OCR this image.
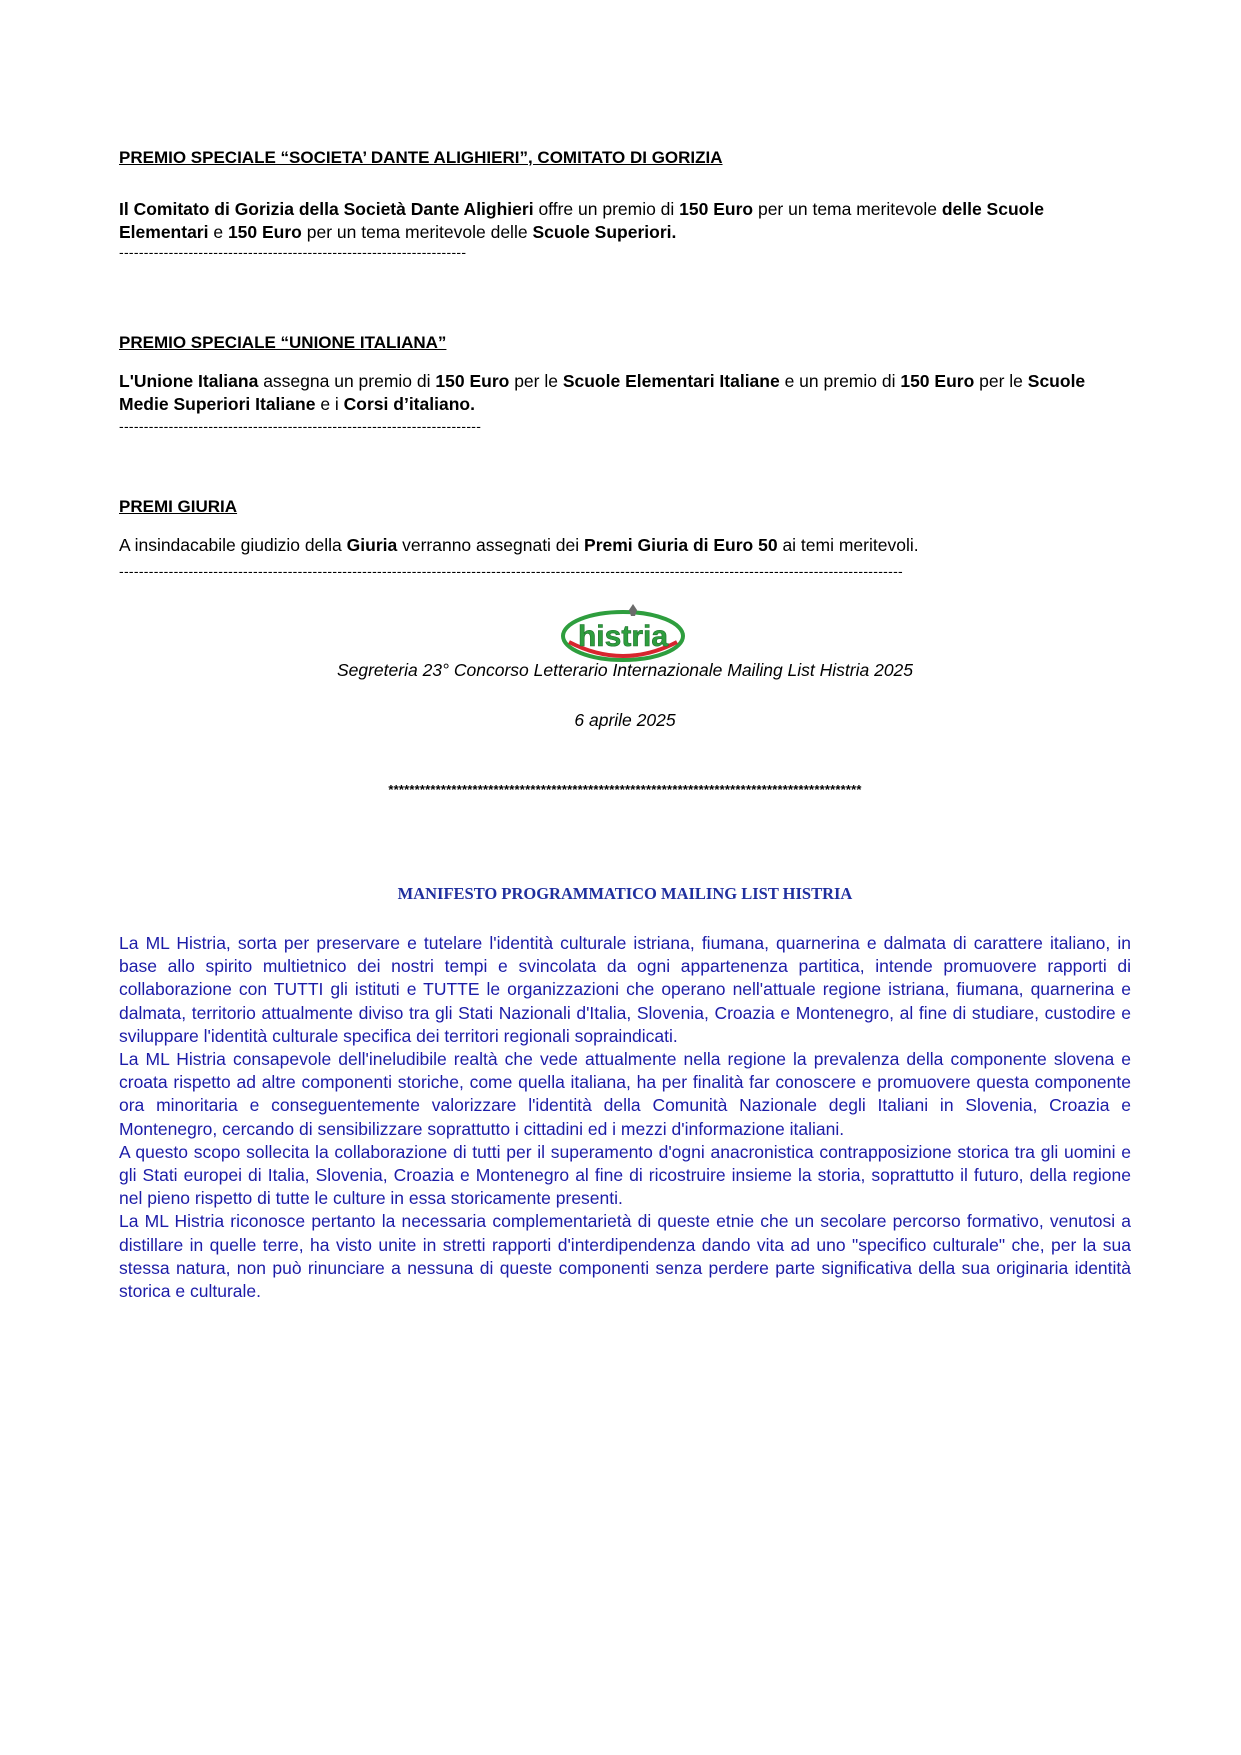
PREMIO SPECIALE “SOCIETA’ DANTE ALIGHIERI”, COMITATO DI GORIZIA

Il Comitato di Gorizia della Società Dante Alighieri offre un premio di 150 Euro per un tema meritevole delle Scuole Elementari e 150 Euro per un tema meritevole delle Scuole Superiori.

----------------------------------------------------------------------
PREMIO SPECIALE “UNIONE ITALIANA”

L'Unione Italiana assegna un premio di 150 Euro per le Scuole Elementari Italiane e un premio di 150 Euro per le Scuole Medie Superiori Italiane e i Corsi d’italiano.

-------------------------------------------------------------------------
PREMI GIURIA

A insindacabile giudizio della Giuria verranno assegnati dei Premi Giuria di Euro 50 ai temi meritevoli.

--------------------------------------------------------------------------------------------------------------------------------------------------------------
histria
Segreteria 23° Concorso Letterario Internazionale Mailing List Histria 2025
6 aprile 2025
******************************************************************************************
MANIFESTO PROGRAMMATICO MAILING LIST HISTRIA

La ML Histria, sorta per preservare e tutelare l'identità culturale istriana, fiumana, quarnerina e dalmata di carattere italiano, in base allo spirito multietnico dei nostri tempi e svincolata da ogni appartenenza partitica, intende promuovere rapporti di collaborazione con TUTTI gli istituti e TUTTE le organizzazioni che operano nell'attuale regione istriana, fiumana, quarnerina e dalmata, territorio attualmente diviso tra gli Stati Nazionali d'Italia, Slovenia, Croazia e Montenegro, al fine di studiare, custodire e sviluppare l'identità culturale specifica dei territori regionali sopraindicati.

La ML Histria consapevole dell'ineludibile realtà che vede attualmente nella regione la prevalenza della componente slovena e croata rispetto ad altre componenti storiche, come quella italiana, ha per finalità far conoscere e promuovere questa componente ora minoritaria e conseguentemente valorizzare l'identità della Comunità Nazionale degli Italiani in Slovenia, Croazia e Montenegro, cercando di sensibilizzare soprattutto i cittadini ed i mezzi d'informazione italiani.

A questo scopo sollecita la collaborazione di tutti per il superamento d'ogni anacronistica contrapposizione storica tra gli uomini e gli Stati europei di Italia, Slovenia, Croazia e Montenegro al fine di ricostruire insieme la storia, soprattutto il futuro, della regione nel pieno rispetto di tutte le culture in essa storicamente presenti.

La ML Histria riconosce pertanto la necessaria complementarietà di queste etnie che un secolare percorso formativo, venutosi a distillare in quelle terre, ha visto unite in stretti rapporti d'interdipendenza dando vita ad uno "specifico culturale" che, per la sua stessa natura, non può rinunciare a nessuna di queste componenti senza perdere parte significativa della sua originaria identità storica e culturale.
